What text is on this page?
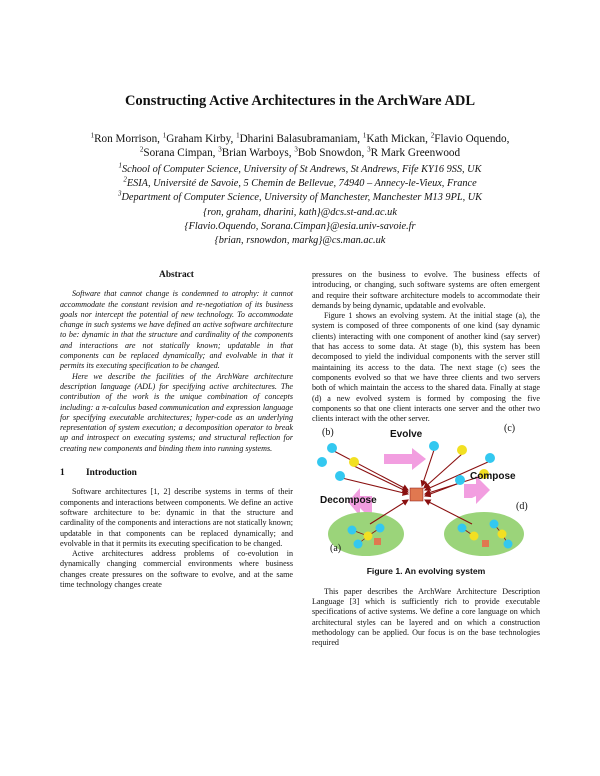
Constructing Active Architectures in the ArchWare ADL
$^1$Ron Morrison, $^1$Graham Kirby, $^1$Dharini Balasubramaniam, $^1$Kath Mickan, $^2$Flavio Oquendo,
$^2$Sorana Cimpan, $^3$Brian Warboys, $^3$Bob Snowdon, $^3$R Mark Greenwood
$^1$School of Computer Science, University of St Andrews, St Andrews, Fife KY16 9SS, UK
$^2$ESIA, Université de Savoie, 5 Chemin de Bellevue, 74940 – Annecy-le-Vieux, France
$^3$Department of Computer Science, University of Manchester, Manchester M13 9PL, UK
{ron, graham, dharini, kath}@dcs.st-and.ac.uk
{Flavio.Oquendo, Sorana.Cimpan}@esia.univ-savoie.fr
{brian, rsnowdon, markg}@cs.man.ac.uk
Abstract

Software that cannot change is condemned to atrophy: it cannot accommodate the constant revision and re-negotiation of its business goals nor intercept the potential of new technology. To accommodate change in such systems we have defined an active software architecture to be: dynamic in that the structure and cardinality of the components and interactions are not statically known; updatable in that components can be replaced dynamically; and evolvable in that it permits its executing specification to be changed.

Here we describe the facilities of the ArchWare architecture description language (ADL) for specifying active architectures. The contribution of the work is the unique combination of concepts including: a π-calculus based communication and expression language for specifying executable architectures; hyper-code as an underlying representation of system execution; a decomposition operator to break up and introspect on executing systems; and structural reflection for creating new components and binding them into running systems.

1 Introduction

Software architectures [1, 2] describe systems in terms of their components and interactions between components. We define an active software architecture to be: dynamic in that the structure and cardinality of the components and interactions are not statically known; updatable in that components can be replaced dynamically; and evolvable in that it permits its executing specification to be changed.

Active architectures address problems of co-evolution in dynamically changing commercial environments where business changes create pressures on the software to evolve, and at the same time technology changes create

pressures on the business to evolve. The business effects of introducing, or changing, such software systems are often emergent and require their software architecture models to accommodate their demands by being dynamic, updatable and evolvable.

Figure 1 shows an evolving system. At the initial stage (a), the system is composed of three components of one kind (say dynamic clients) interacting with one component of another kind (say server) that has access to some data. At stage (b), this system has been decomposed to yield the individual components with the server still maintaining its access to the data. The next stage (c) sees the components evolved so that we have three clients and two servers both of which maintain the access to the shared data. Finally at stage (d) a new evolved system is formed by composing the five components so that one client interacts one server and the other two clients interact with the other server.

(b)	(c)
(d)
(a)
Evolve
Compose
Decompose
Figure 1. An evolving system

This paper describes the ArchWare Architecture Description Language [3] which is sufficiently rich to provide executable specifications of active systems. We define a core language on which architectural styles can be layered and on which a construction methodology can be applied. Our focus is on the base technologies required
